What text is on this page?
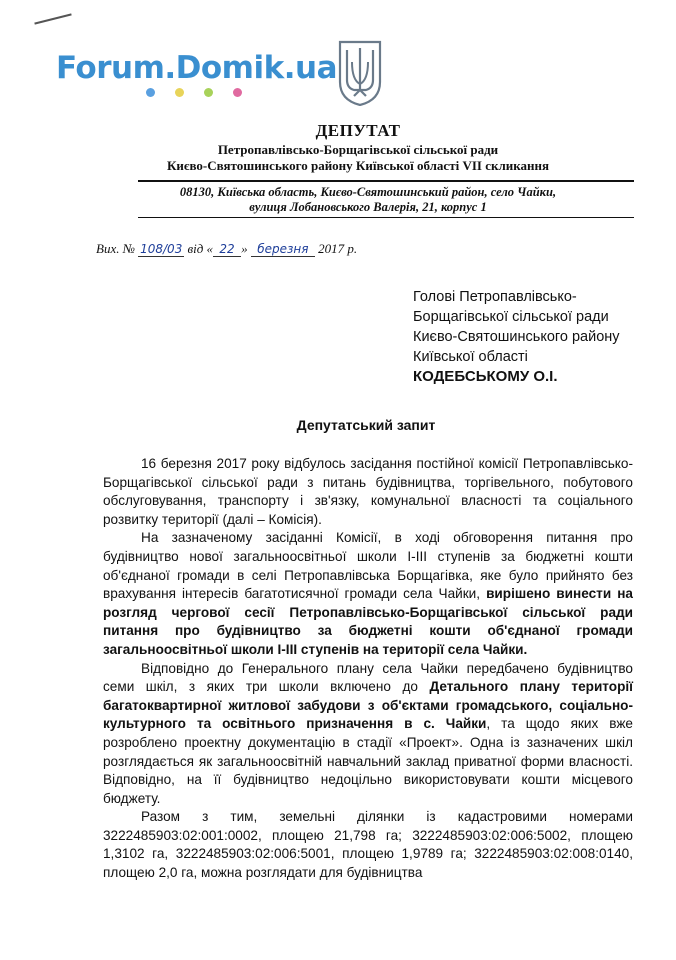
Forum.Domik.ua
ДЕПУТАТ
Петропавлівсько-Борщагівської сільської ради
Києво-Святошинського району Київської області VII скликання
08130, Київська область, Києво-Святошинський район, село Чайки,
вулиця Лобановського Валерія, 21, корпус 1
Вих. № 108/03 від « 22 » березня 2017 р.
Голові Петропавлівсько-
Борщагівської сільської ради
Києво-Святошинського району
Київської області
КОДЕБСЬКОМУ О.І.
Депутатський запит

16 березня 2017 року відбулось засідання постійної комісії Петропавлівсько-Борщагівської сільської ради з питань будівництва, торгівельного, побутового обслуговування, транспорту і зв'язку, комунальної власності та соціального розвитку території (далі – Комісія).

На зазначеному засіданні Комісії, в ході обговорення питання про будівництво нової загальноосвітньої школи I-III ступенів за бюджетні кошти об'єднаної громади в селі Петропавлівська Борщагівка, яке було прийнято без врахування інтересів багатотисячної громади села Чайки, вирішено винести на розгляд чергової сесії Петропавлівсько-Борщагівської сільської ради питання про будівництво за бюджетні кошти об'єднаної громади загальноосвітньої школи I-III ступенів на території села Чайки.

Відповідно до Генерального плану села Чайки передбачено будівництво семи шкіл, з яких три школи включено до Детального плану території багатоквартирної житлової забудови з об'єктами громадського, соціально-культурного та освітнього призначення в с. Чайки, та щодо яких вже розроблено проектну документацію в стадії «Проект». Одна із зазначених шкіл розглядається як загальноосвітній навчальний заклад приватної форми власності. Відповідно, на її будівництво недоцільно використовувати кошти місцевого бюджету.

Разом з тим, земельні ділянки із кадастровими номерами 3222485903:02:001:0002, площею 21,798 га; 3222485903:02:006:5002, площею 1,3102 га, 3222485903:02:006:5001, площею 1,9789 га; 3222485903:02:008:0140, площею 2,0 га, можна розглядати для будівництва
